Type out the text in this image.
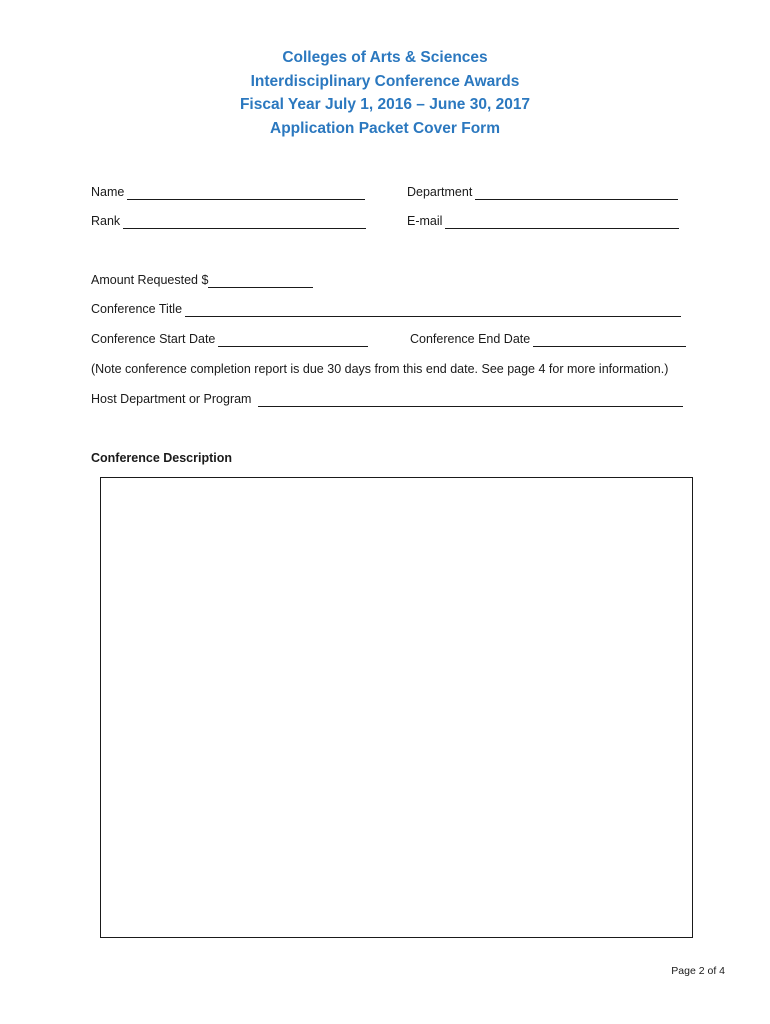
Colleges of Arts & Sciences
Interdisciplinary Conference Awards
Fiscal Year July 1, 2016 – June 30, 2017
Application Packet Cover Form
Name	Department
Rank	E-mail
Amount Requested $
Conference Title
Conference Start Date	Conference End Date
(Note conference completion report is due 30 days from this end date. See page 4 for more information.)
Host Department or Program
Conference Description
Page 2 of 4
